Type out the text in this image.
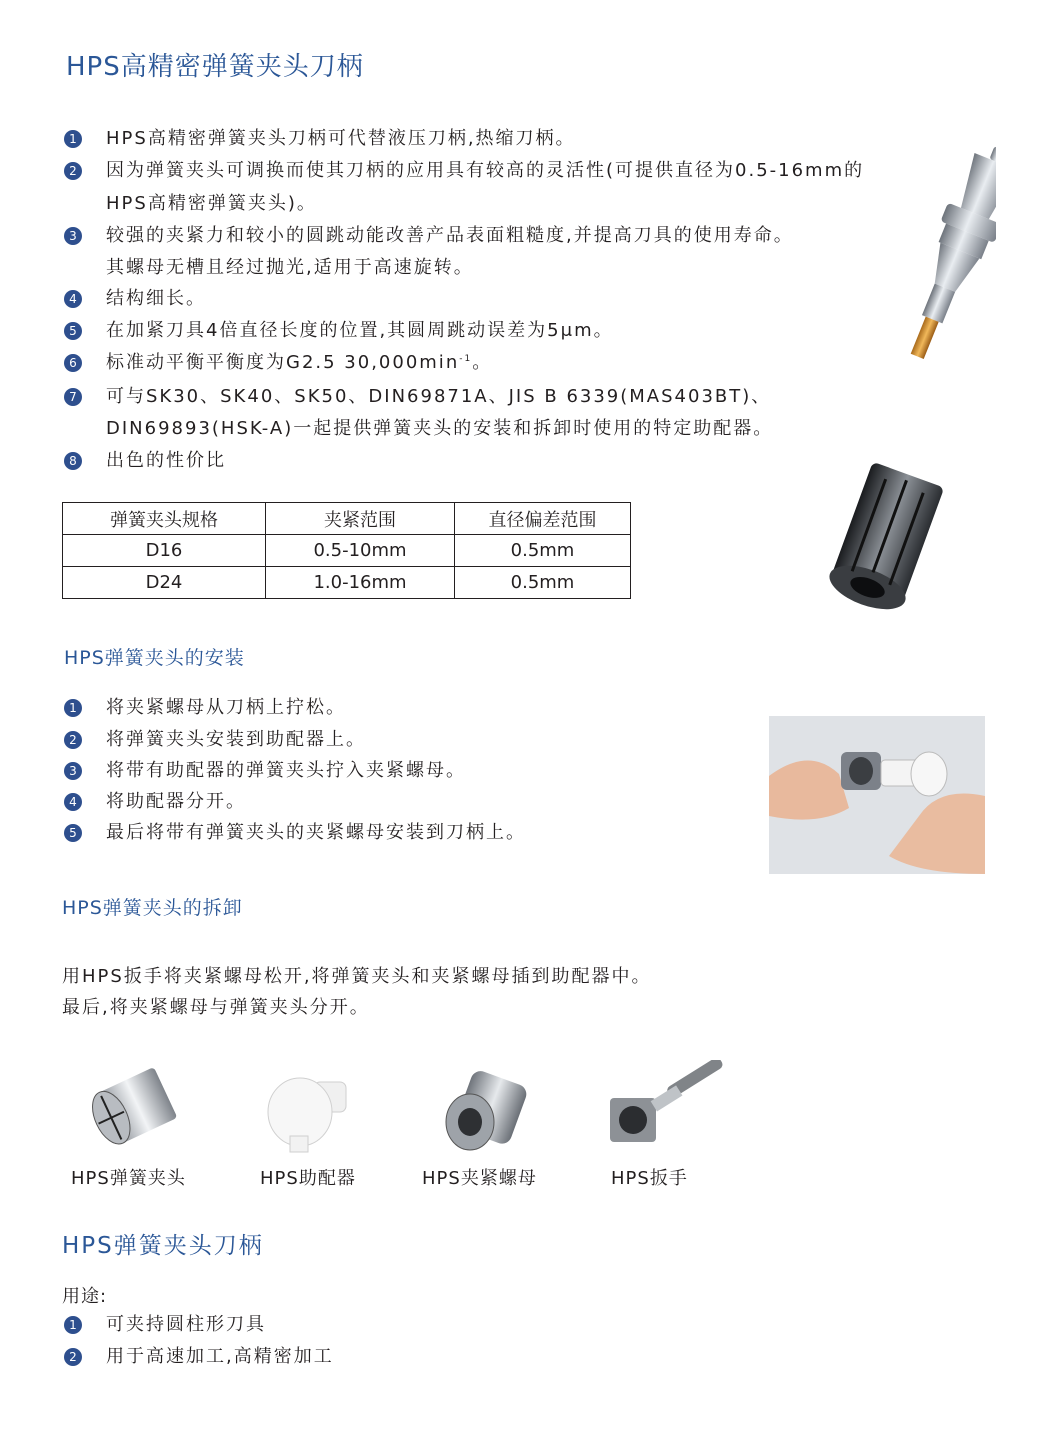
HPS高精密弹簧夹头刀柄
1 HPS高精密弹簧夹头刀柄可代替液压刀柄,热缩刀柄。
2 因为弹簧夹头可调换而使其刀柄的应用具有较高的灵活性(可提供直径为0.5-16mm的
HPS高精密弹簧夹头)。
3 较强的夹紧力和较小的圆跳动能改善产品表面粗糙度,并提高刀具的使用寿命。
其螺母无槽且经过抛光,适用于高速旋转。
4 结构细长。
5 在加紧刀具4倍直径长度的位置,其圆周跳动误差为5μm。
6 标准动平衡平衡度为G2.5 $30,000\min^{-1}$。
7 可与SK30、SK40、SK50、DIN69871A、JIS B 6339(MAS403BT)、
DIN69893(HSK-A)一起提供弹簧夹头的安装和拆卸时使用的特定助配器。
8 出色的性价比
弹簧夹头规格	夹紧范围	直径偏差范围
D16	0.5-10mm	0.5mm
D24	1.0-16mm	0.5mm
HPS弹簧夹头的安装
1 将夹紧螺母从刀柄上拧松。
2 将弹簧夹头安装到助配器上。
3 将带有助配器的弹簧夹头拧入夹紧螺母。
4 将助配器分开。
5 最后将带有弹簧夹头的夹紧螺母安装到刀柄上。
HPS弹簧夹头的拆卸
用HPS扳手将夹紧螺母松开,将弹簧夹头和夹紧螺母插到助配器中。
最后,将夹紧螺母与弹簧夹头分开。
HPS弹簧夹头	HPS助配器	HPS夹紧螺母	HPS扳手
HPS弹簧夹头刀柄
用途:
1 可夹持圆柱形刀具
2 用于高速加工,高精密加工
